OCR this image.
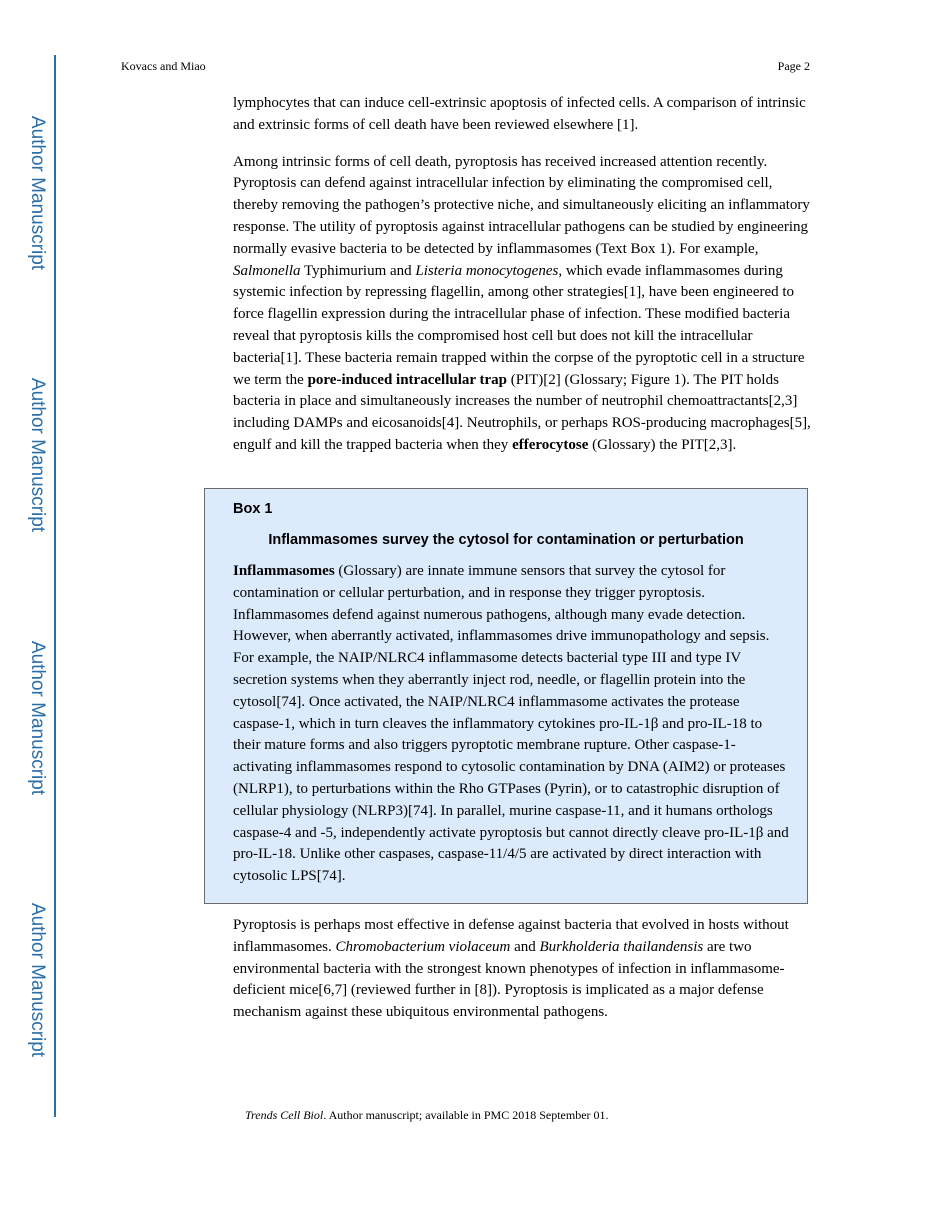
Author Manuscript
Author Manuscript
Author Manuscript
Author Manuscript
Kovacs and Miao	Page 2

lymphocytes that can induce cell-extrinsic apoptosis of infected cells. A comparison of intrinsic and extrinsic forms of cell death have been reviewed elsewhere [1].

Among intrinsic forms of cell death, pyroptosis has received increased attention recently. Pyroptosis can defend against intracellular infection by eliminating the compromised cell, thereby removing the pathogen’s protective niche, and simultaneously eliciting an inflammatory response. The utility of pyroptosis against intracellular pathogens can be studied by engineering normally evasive bacteria to be detected by inflammasomes (Text Box 1). For example, Salmonella Typhimurium and Listeria monocytogenes, which evade inflammasomes during systemic infection by repressing flagellin, among other strategies[1], have been engineered to force flagellin expression during the intracellular phase of infection. These modified bacteria reveal that pyroptosis kills the compromised host cell but does not kill the intracellular bacteria[1]. These bacteria remain trapped within the corpse of the pyroptotic cell in a structure we term the pore-induced intracellular trap (PIT)[2] (Glossary; Figure 1). The PIT holds bacteria in place and simultaneously increases the number of neutrophil chemoattractants[2,3] including DAMPs and eicosanoids[4]. Neutrophils, or perhaps ROS-producing macrophages[5], engulf and kill the trapped bacteria when they efferocytose (Glossary) the PIT[2,3].

Box 1
Inflammasomes survey the cytosol for contamination or perturbation

Inflammasomes (Glossary) are innate immune sensors that survey the cytosol for contamination or cellular perturbation, and in response they trigger pyroptosis. Inflammasomes defend against numerous pathogens, although many evade detection. However, when aberrantly activated, inflammasomes drive immunopathology and sepsis. For example, the NAIP/NLRC4 inflammasome detects bacterial type III and type IV secretion systems when they aberrantly inject rod, needle, or flagellin protein into the cytosol[74]. Once activated, the NAIP/NLRC4 inflammasome activates the protease caspase-1, which in turn cleaves the inflammatory cytokines pro-IL-1β and pro-IL-18 to their mature forms and also triggers pyroptotic membrane rupture. Other caspase-1-activating inflammasomes respond to cytosolic contamination by DNA (AIM2) or proteases (NLRP1), to perturbations within the Rho GTPases (Pyrin), or to catastrophic disruption of cellular physiology (NLRP3)[74]. In parallel, murine caspase-11, and it humans orthologs caspase-4 and -5, independently activate pyroptosis but cannot directly cleave pro-IL-1β and pro-IL-18. Unlike other caspases, caspase-11/4/5 are activated by direct interaction with cytosolic LPS[74].

Pyroptosis is perhaps most effective in defense against bacteria that evolved in hosts without inflammasomes. Chromobacterium violaceum and Burkholderia thailandensis are two environmental bacteria with the strongest known phenotypes of infection in inflammasome-deficient mice[6,7] (reviewed further in [8]). Pyroptosis is implicated as a major defense mechanism against these ubiquitous environmental pathogens.

Trends Cell Biol. Author manuscript; available in PMC 2018 September 01.
